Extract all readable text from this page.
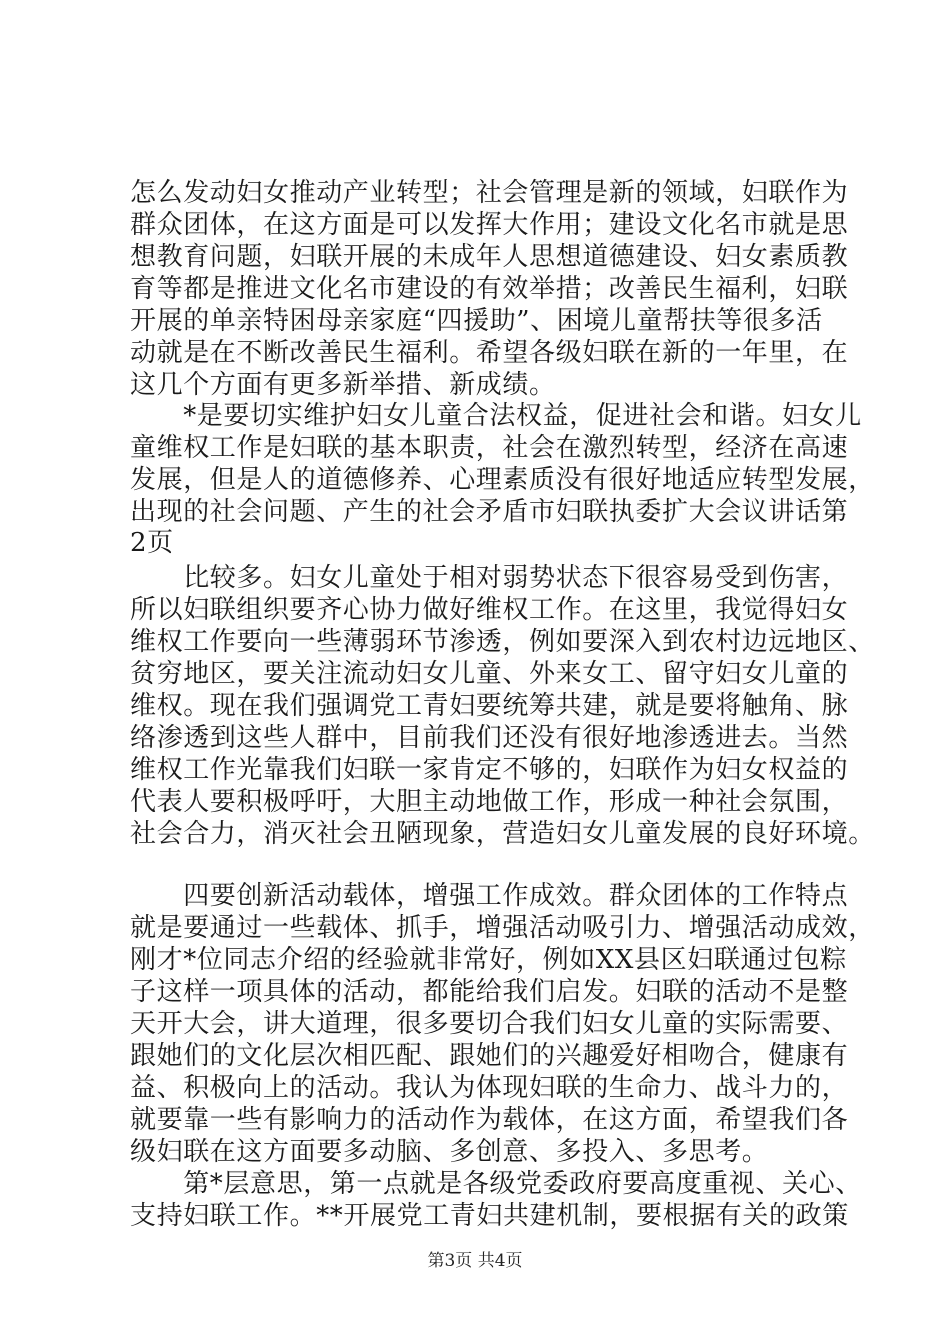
怎么发动妇女推动产业转型；社会管理是新的领域，妇联作为
群众团体，在这方面是可以发挥大作用；建设文化名市就是思
想教育问题，妇联开展的未成年人思想道德建设、妇女素质教
育等都是推进文化名市建设的有效举措；改善民生福利，妇联
开展的单亲特困母亲家庭“四援助”、困境儿童帮扶等很多活
动就是在不断改善民生福利。希望各级妇联在新的一年里，在
这几个方面有更多新举措、新成绩。
　　*是要切实维护妇女儿童合法权益，促进社会和谐。妇女儿
童维权工作是妇联的基本职责，社会在激烈转型，经济在高速
发展，但是人的道德修养、心理素质没有很好地适应转型发展，
出现的社会问题、产生的社会矛盾市妇联执委扩大会议讲话第
2页
　　比较多。妇女儿童处于相对弱势状态下很容易受到伤害，
所以妇联组织要齐心协力做好维权工作。在这里，我觉得妇女
维权工作要向一些薄弱环节渗透，例如要深入到农村边远地区、
贫穷地区，要关注流动妇女儿童、外来女工、留守妇女儿童的
维权。现在我们强调党工青妇要统筹共建，就是要将触角、脉
络渗透到这些人群中，目前我们还没有很好地渗透进去。当然
维权工作光靠我们妇联一家肯定不够的，妇联作为妇女权益的
代表人要积极呼吁，大胆主动地做工作，形成一种社会氛围，
社会合力，消灭社会丑陋现象，营造妇女儿童发展的良好环境。
　　四要创新活动载体，增强工作成效。群众团体的工作特点
就是要通过一些载体、抓手，增强活动吸引力、增强活动成效，
刚才*位同志介绍的经验就非常好，例如XX县区妇联通过包粽
子这样一项具体的活动，都能给我们启发。妇联的活动不是整
天开大会，讲大道理，很多要切合我们妇女儿童的实际需要、
跟她们的文化层次相匹配、跟她们的兴趣爱好相吻合，健康有
益、积极向上的活动。我认为体现妇联的生命力、战斗力的，
就要靠一些有影响力的活动作为载体，在这方面，希望我们各
级妇联在这方面要多动脑、多创意、多投入、多思考。
　　第*层意思，第一点就是各级党委政府要高度重视、关心、
支持妇联工作。**开展党工青妇共建机制，要根据有关的政策
第3页 共4页
